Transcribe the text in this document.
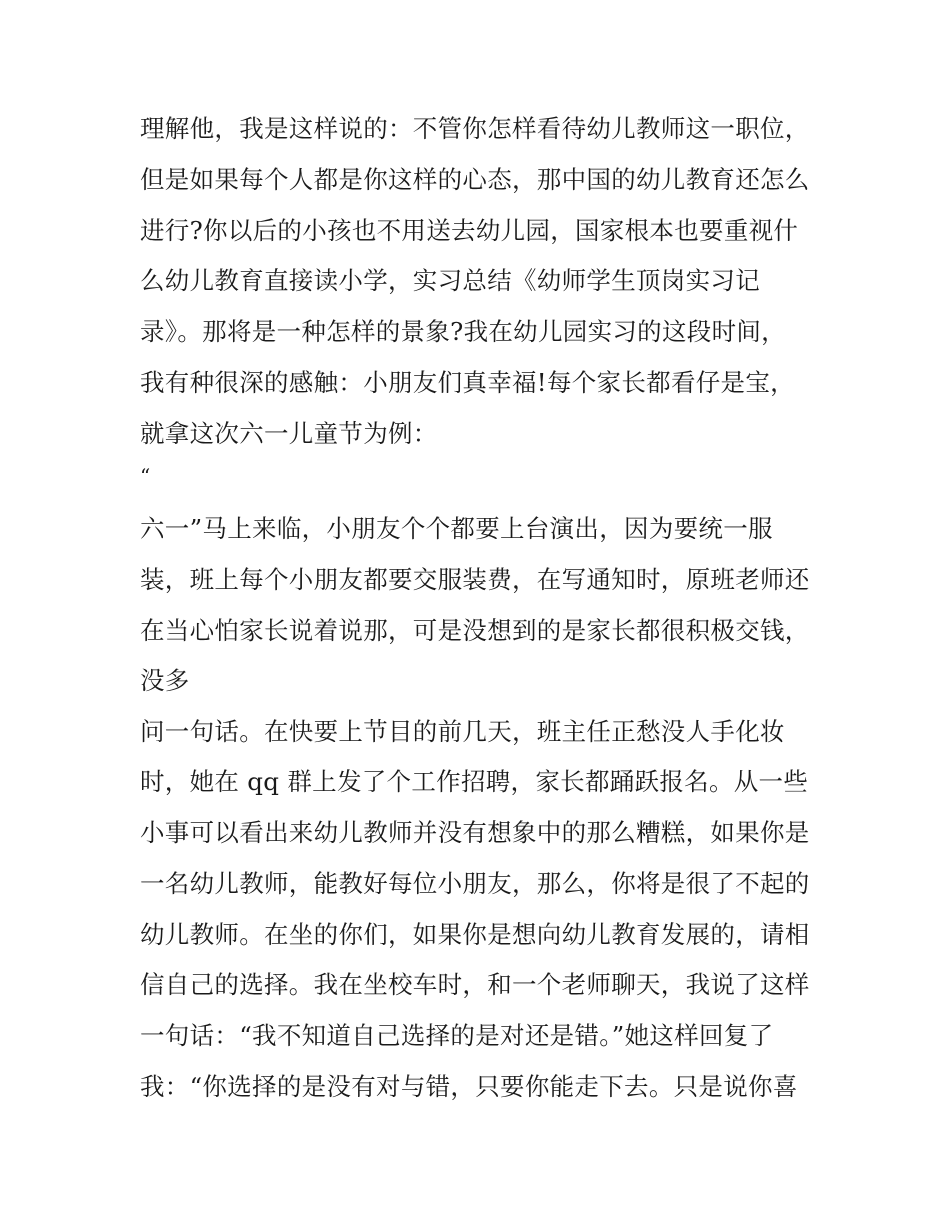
理解他，我是这样说的：不管你怎样看待幼儿教师这一职位，
但是如果每个人都是你这样的心态，那中国的幼儿教育还怎么
进行?你以后的小孩也不用送去幼儿园，国家根本也要重视什
么幼儿教育直接读小学，实习总结《幼师学生顶岗实习记
录》。那将是一种怎样的景象?我在幼儿园实习的这段时间，
我有种很深的感触：小朋友们真幸福!每个家长都看仔是宝，
就拿这次六一儿童节为例：
“
六一”马上来临，小朋友个个都要上台演出，因为要统一服
装，班上每个小朋友都要交服装费，在写通知时，原班老师还
在当心怕家长说着说那，可是没想到的是家长都很积极交钱，
没多
问一句话。在快要上节目的前几天，班主任正愁没人手化妆
时，她在 qq 群上发了个工作招聘，家长都踊跃报名。从一些
小事可以看出来幼儿教师并没有想象中的那么糟糕，如果你是
一名幼儿教师，能教好每位小朋友，那么，你将是很了不起的
幼儿教师。在坐的你们，如果你是想向幼儿教育发展的，请相
信自己的选择。我在坐校车时，和一个老师聊天，我说了这样
一句话：“我不知道自己选择的是对还是错。”她这样回复了
我：“你选择的是没有对与错，只要你能走下去。只是说你喜
